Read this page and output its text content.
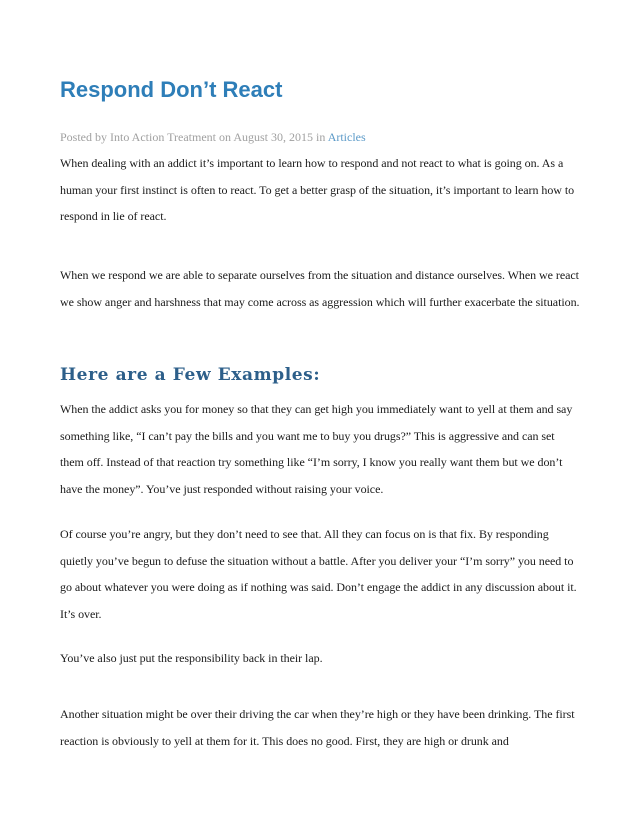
Respond Don’t React
Posted by Into Action Treatment on August 30, 2015 in Articles

When dealing with an addict it’s important to learn how to respond and not react to what is going on. As a human your first instinct is often to react. To get a better grasp of the situation, it’s important to learn how to respond in lie of react.

When we respond we are able to separate ourselves from the situation and distance ourselves. When we react we show anger and harshness that may come across as aggression which will further exacerbate the situation.

Here are a Few Examples:

When the addict asks you for money so that they can get high you immediately want to yell at them and say something like, “I can’t pay the bills and you want me to buy you drugs?” This is aggressive and can set them off. Instead of that reaction try something like “I’m sorry, I know you really want them but we don’t have the money”. You’ve just responded without raising your voice.

Of course you’re angry, but they don’t need to see that. All they can focus on is that fix. By responding quietly you’ve begun to defuse the situation without a battle. After you deliver your “I’m sorry” you need to go about whatever you were doing as if nothing was said. Don’t engage the addict in any discussion about it. It’s over.

You’ve also just put the responsibility back in their lap.

Another situation might be over their driving the car when they’re high or they have been drinking. The first reaction is obviously to yell at them for it. This does no good. First, they are high or drunk and
